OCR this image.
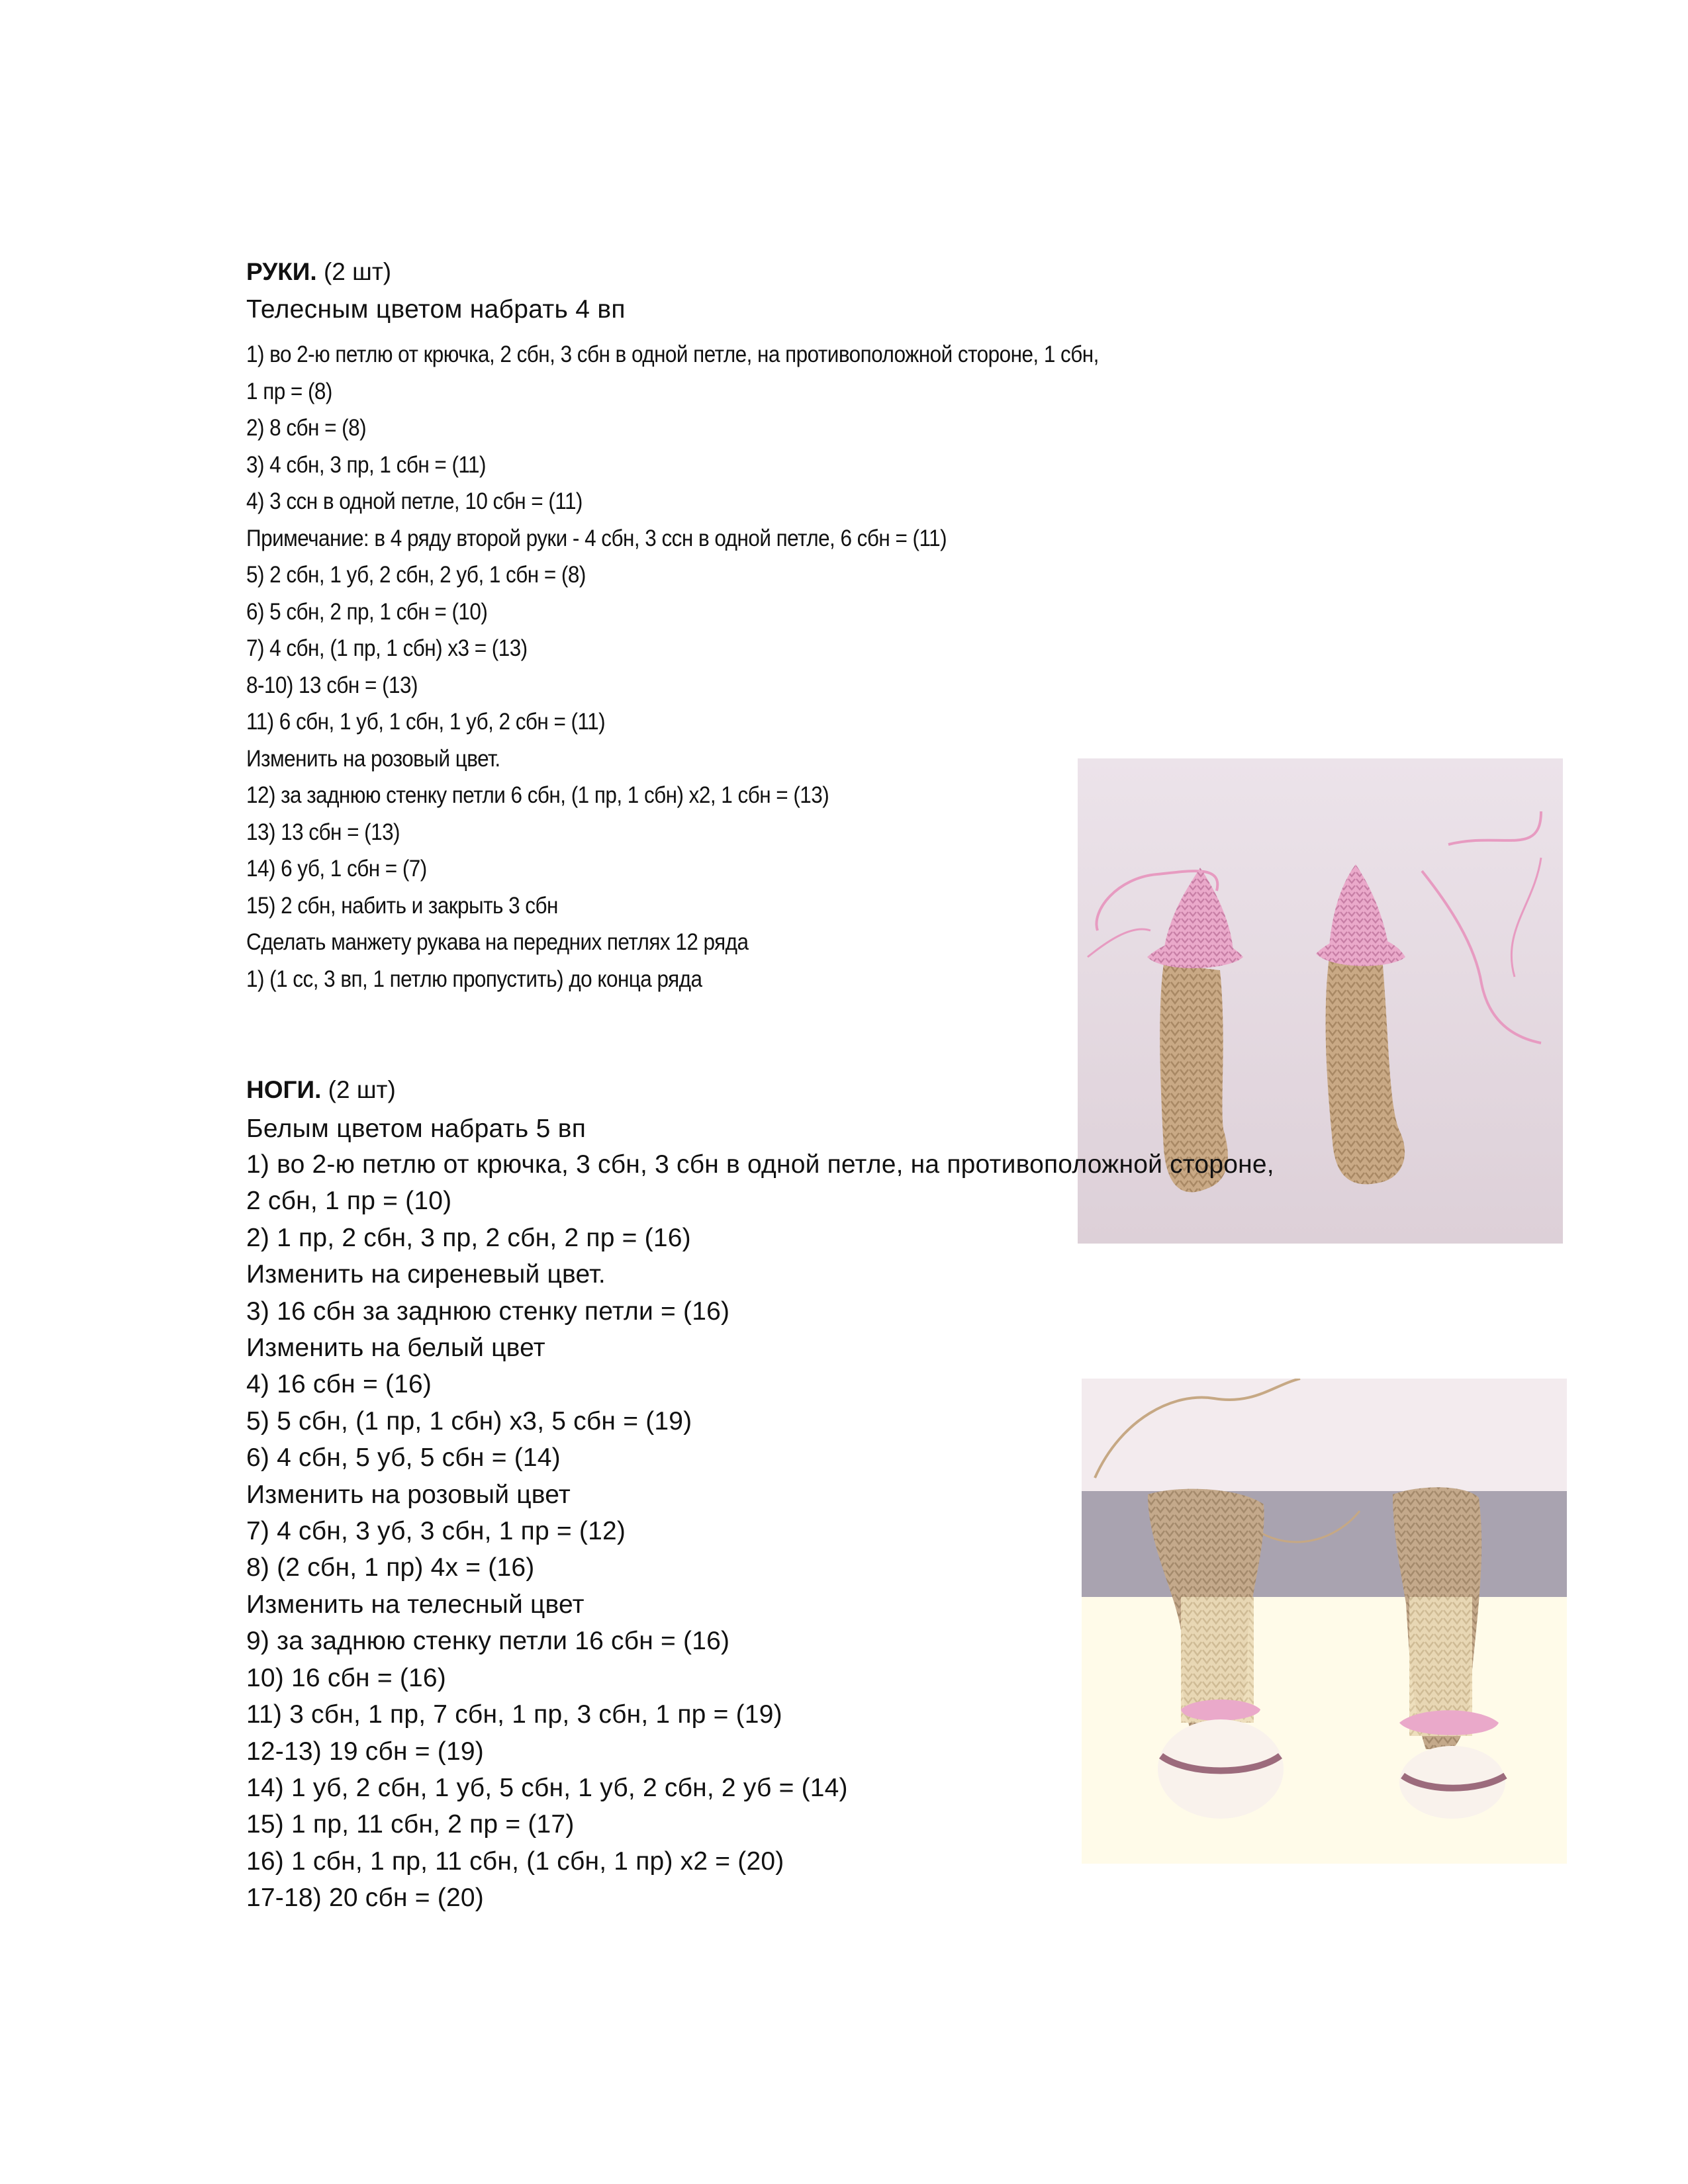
РУКИ. (2 шт)
Телесным цветом набрать 4 вп
1) во 2-ю петлю от крючка, 2 сбн, 3 сбн в одной петле, на противоположной стороне, 1 сбн,
1 пр = (8)
2) 8 сбн = (8)
3) 4 сбн, 3 пр, 1 сбн = (11)
4) 3 ссн в одной петле, 10 сбн = (11)
Примечание: в 4 ряду второй руки - 4 сбн, 3 ссн в одной петле, 6 сбн = (11)
5) 2 сбн, 1 уб, 2 сбн, 2 уб, 1 сбн = (8)
6) 5 сбн, 2 пр, 1 сбн = (10)
7) 4 сбн, (1 пр, 1 сбн) х3 = (13)
8-10) 13 сбн = (13)
11) 6 сбн, 1 уб, 1 сбн, 1 уб, 2 сбн = (11)
Изменить на розовый цвет.
12) за заднюю стенку петли 6 сбн, (1 пр, 1 сбн) х2, 1 сбн = (13)
13) 13 сбн = (13)
14) 6 уб, 1 сбн = (7)
15) 2 сбн, набить и закрыть 3 сбн
Сделать манжету рукава на передних петлях 12 ряда
1) (1 сс, 3 вп, 1 петлю пропустить) до конца ряда
НОГИ. (2 шт)
Белым цветом набрать 5 вп
1) во 2-ю петлю от крючка, 3 сбн, 3 сбн в одной петле, на противоположной стороне,
2 сбн, 1 пр = (10)
2) 1 пр, 2 сбн, 3 пр, 2 сбн, 2 пр = (16)
Изменить на сиреневый цвет.
3) 16 сбн за заднюю стенку петли = (16)
Изменить на белый цвет
4) 16 сбн = (16)
5) 5 сбн, (1 пр, 1 сбн) х3, 5 сбн = (19)
6) 4 сбн, 5 уб, 5 сбн = (14)
Изменить на розовый цвет
7) 4 сбн, 3 уб, 3 сбн, 1 пр = (12)
8) (2 сбн, 1 пр) 4х = (16)
Изменить на телесный цвет
9) за заднюю стенку петли 16 сбн = (16)
10) 16 сбн = (16)
11) 3 сбн, 1 пр, 7 сбн, 1 пр, 3 сбн, 1 пр = (19)
12-13) 19 сбн = (19)
14) 1 уб, 2 сбн, 1 уб, 5 сбн, 1 уб, 2 сбн, 2 уб = (14)
15) 1 пр, 11 сбн, 2 пр = (17)
16) 1 сбн, 1 пр, 11 сбн, (1 сбн, 1 пр) х2 = (20)
17-18) 20 сбн = (20)
